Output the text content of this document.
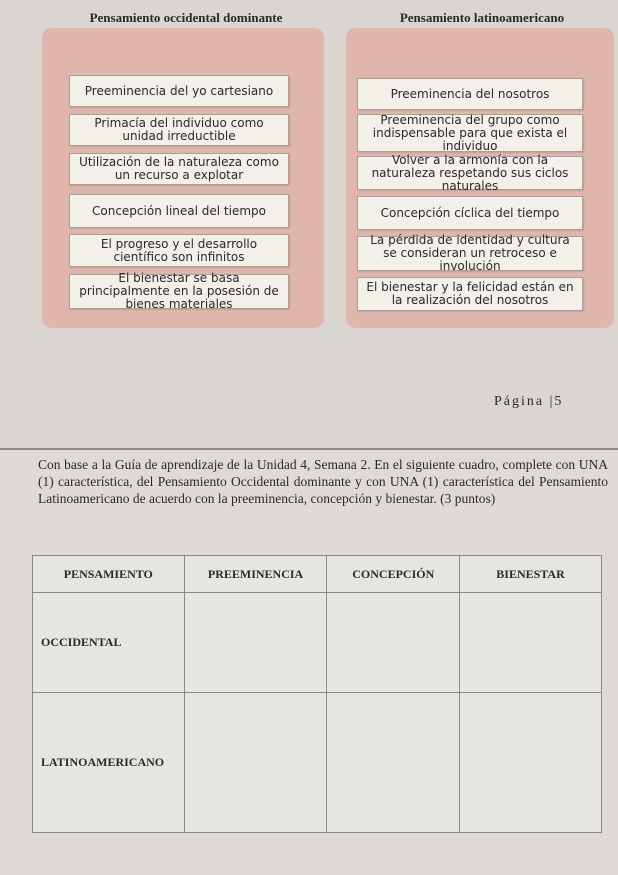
Pensamiento occidental dominante	Pensamiento latinoamericano
Preeminencia del yo cartesiano
Primacía del individuo como unidad irreductible
Utilización de la naturaleza como un recurso a explotar
Concepción lineal del tiempo
El progreso y el desarrollo científico son infinitos
El bienestar se basa principalmente en la posesión de bienes materiales
Preeminencia del nosotros
Preeminencia del grupo como indispensable para que exista el individuo
Volver a la armonía con la naturaleza respetando sus ciclos naturales
Concepción cíclica del tiempo
La pérdida de identidad y cultura se consideran un retroceso e involución
El bienestar y la felicidad están en la realización del nosotros
Página |5
Con base a la Guía de aprendizaje de la Unidad 4, Semana 2. En el siguiente cuadro, complete con UNA (1) característica, del Pensamiento Occidental dominante y con UNA (1) característica del Pensamiento Latinoamericano de acuerdo con la preeminencia, concepción y bienestar. (3 puntos)
PENSAMIENTO	PREEMINENCIA	CONCEPCIÓN	BIENESTAR
OCCIDENTAL			
LATINOAMERICANO			
